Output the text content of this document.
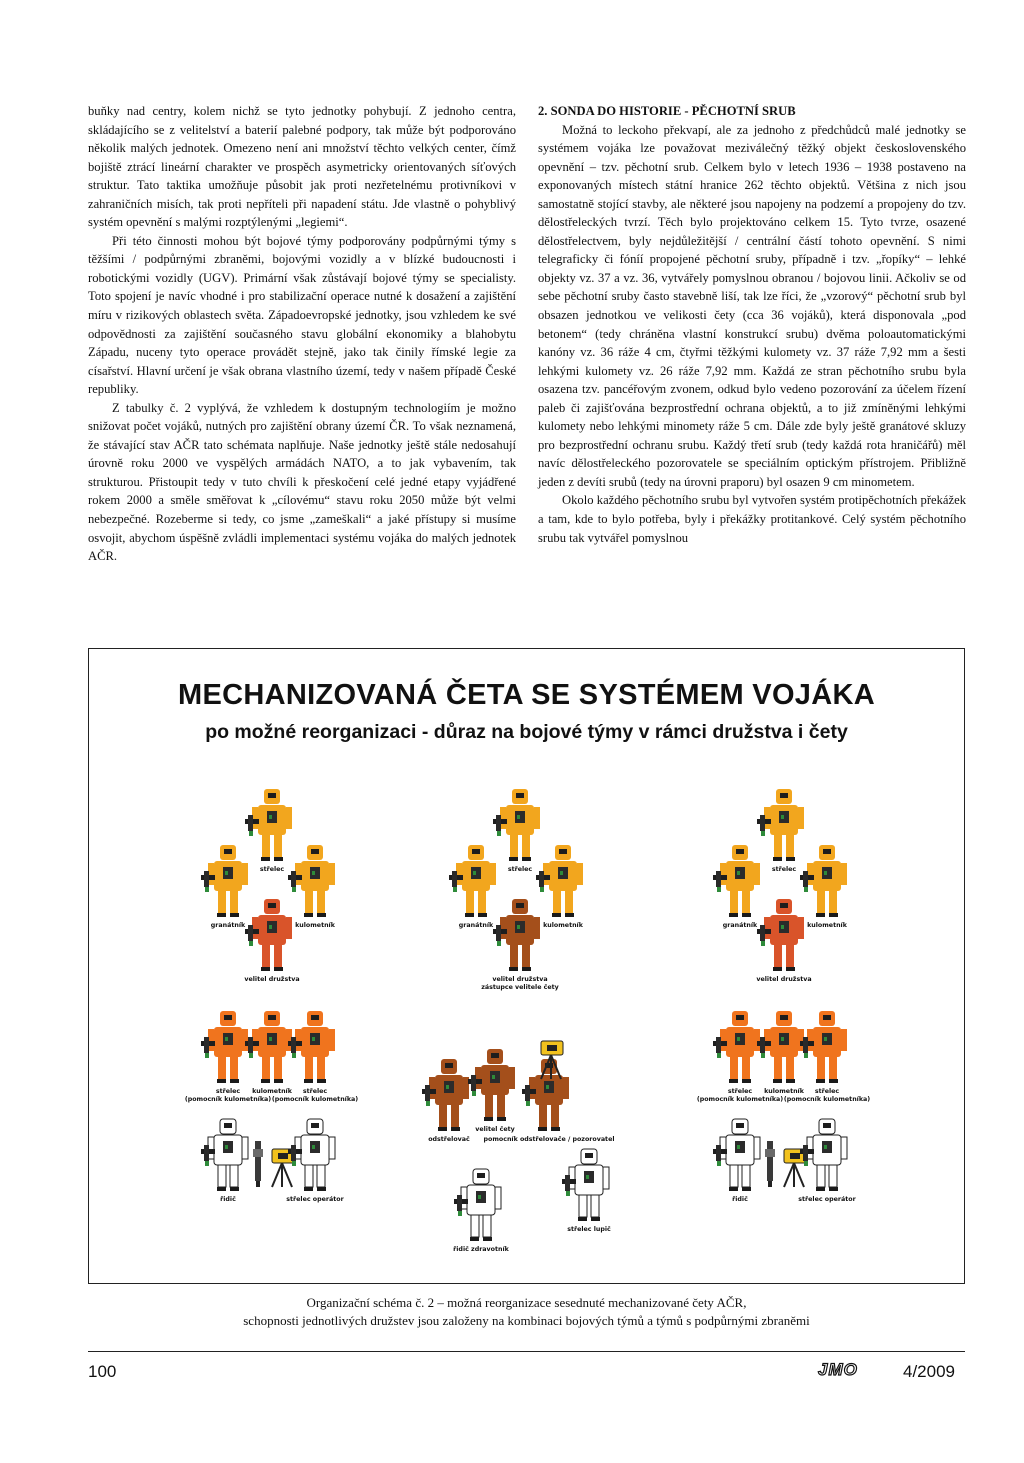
buňky nad centry, kolem nichž se tyto jednotky pohybují. Z jednoho centra, skládajícího se z velitelství a baterií palebné podpory, tak může být podporováno několik malých jednotek. Omezeno není ani množství těchto velkých center, čímž bojiště ztrácí lineární charakter ve prospěch asymetricky orientovaných síťových struktur. Tato taktika umožňuje působit jak proti nezřetelnému protivníkovi v zahraničních misích, tak proti nepříteli při napadení státu. Jde vlastně o pohyblivý systém opevnění s malými rozptýlenými „legiemi“.

Při této činnosti mohou být bojové týmy podporovány podpůrnými týmy s těžšími / podpůrnými zbraněmi, bojovými vozidly a v blízké budoucnosti i robotickými vozidly (UGV). Primární však zůstávají bojové týmy se specialisty. Toto spojení je navíc vhodné i pro stabilizační operace nutné k dosažení a zajištění míru v rizikových oblastech světa. Západoevropské jednotky, jsou vzhledem ke své odpovědnosti za zajištění současného stavu globální ekonomiky a blahobytu Západu, nuceny tyto operace provádět stejně, jako tak činily římské legie za císařství. Hlavní určení je však obrana vlastního území, tedy v našem případě České republiky.

Z tabulky č. 2 vyplývá, že vzhledem k dostupným technologiím je možno snižovat počet vojáků, nutných pro zajištění obrany území ČR. To však neznamená, že stávající stav AČR tato schémata naplňuje. Naše jednotky ještě stále nedosahují úrovně roku 2000 ve vyspělých armádách NATO, a to jak vybavením, tak strukturou. Přistoupit tedy v tuto chvíli k přeskočení celé jedné etapy vyjádřené rokem 2000 a směle směřovat k „cílovému“ stavu roku 2050 může být velmi nebezpečné. Rozeberme si tedy, co jsme „zameškali“ a jaké přístupy si musíme osvojit, abychom úspěšně zvládli implementaci systému vojáka do malých jednotek AČR.

2. SONDA DO HISTORIE - PĚCHOTNÍ SRUB

Možná to leckoho překvapí, ale za jednoho z předchůdců malé jednotky se systémem vojáka lze považovat meziválečný těžký objekt československého opevnění – tzv. pěchotní srub. Celkem bylo v letech 1936 – 1938 postaveno na exponovaných místech státní hranice 262 těchto objektů. Většina z nich jsou samostatně stojící stavby, ale některé jsou napojeny na podzemí a propojeny do tzv. dělostřeleckých tvrzí. Těch bylo projektováno celkem 15. Tyto tvrze, osazené dělostřelectvem, byly nejdůležitější / centrální částí tohoto opevnění. S nimi telegraficky či fóníí propojené pěchotní sruby, případně i tzv. „řopíky“ – lehké objekty vz. 37 a vz. 36, vytvářely pomyslnou obranou / bojovou linii. Ačkoliv se od sebe pěchotní sruby často stavebně liší, tak lze říci, že „vzorový“ pěchotní srub byl obsazen jednotkou ve velikosti čety (cca 36 vojáků), která disponovala „pod betonem“ (tedy chráněna vlastní konstrukcí srubu) dvěma poloautomatickými kanóny vz. 36 ráže 4 cm, čtyřmi těžkými kulomety vz. 37 ráže 7,92 mm a šesti lehkými kulomety vz. 26 ráže 7,92 mm. Každá ze stran pěchotního srubu byla osazena tzv. pancéřovým zvonem, odkud bylo vedeno pozorování za účelem řízení paleb či zajišťována bezprostřední ochrana objektů, a to již zmíněnými lehkými kulomety nebo lehkými minomety ráže 5 cm. Dále zde byly ještě granátové skluzy pro bezprostřední ochranu srubu. Každý třetí srub (tedy každá rota hraničářů) měl navíc dělostřeleckého pozorovatele se speciálním optickým přístrojem. Přibližně jeden z devíti srubů (tedy na úrovni praporu) byl osazen 9 cm minometem.

Okolo každého pěchotního srubu byl vytvořen systém protipěchotních překážek a tam, kde to bylo potřeba, byly i překážky protitankové. Celý systém pěchotního srubu tak vytvářel pomyslnou

MECHANIZOVANÁ ČETA SE SYSTÉMEM VOJÁKA
po možné reorganizaci - důraz na bojové týmy v rámci družstva i čety
střelec
granátník	kulometník
velitel družstva
střelec
(pomocník kulometníka)
kulometník střelec
(pomocník kulometníka)
řidič	střelec operátor
střelec
granátník	kulometník
velitel družstva
zástupce velitele čety
střelec
granátník	kulometník
velitel družstva
střelec
(pomocník kulometníka)
kulometník střelec
(pomocník kulometníka)
řidič	střelec operátor
odstřelovač
velitel čety
pomocník odstřelovače / pozorovatel
řidič zdravotník
střelec lupič
Organizační schéma č. 2 – možná reorganizace sesednuté mechanizované čety AČR,
schopnosti jednotlivých družstev jsou založeny na kombinaci bojových týmů a týmů s podpůrnými zbraněmi
100	JMO	4/2009
